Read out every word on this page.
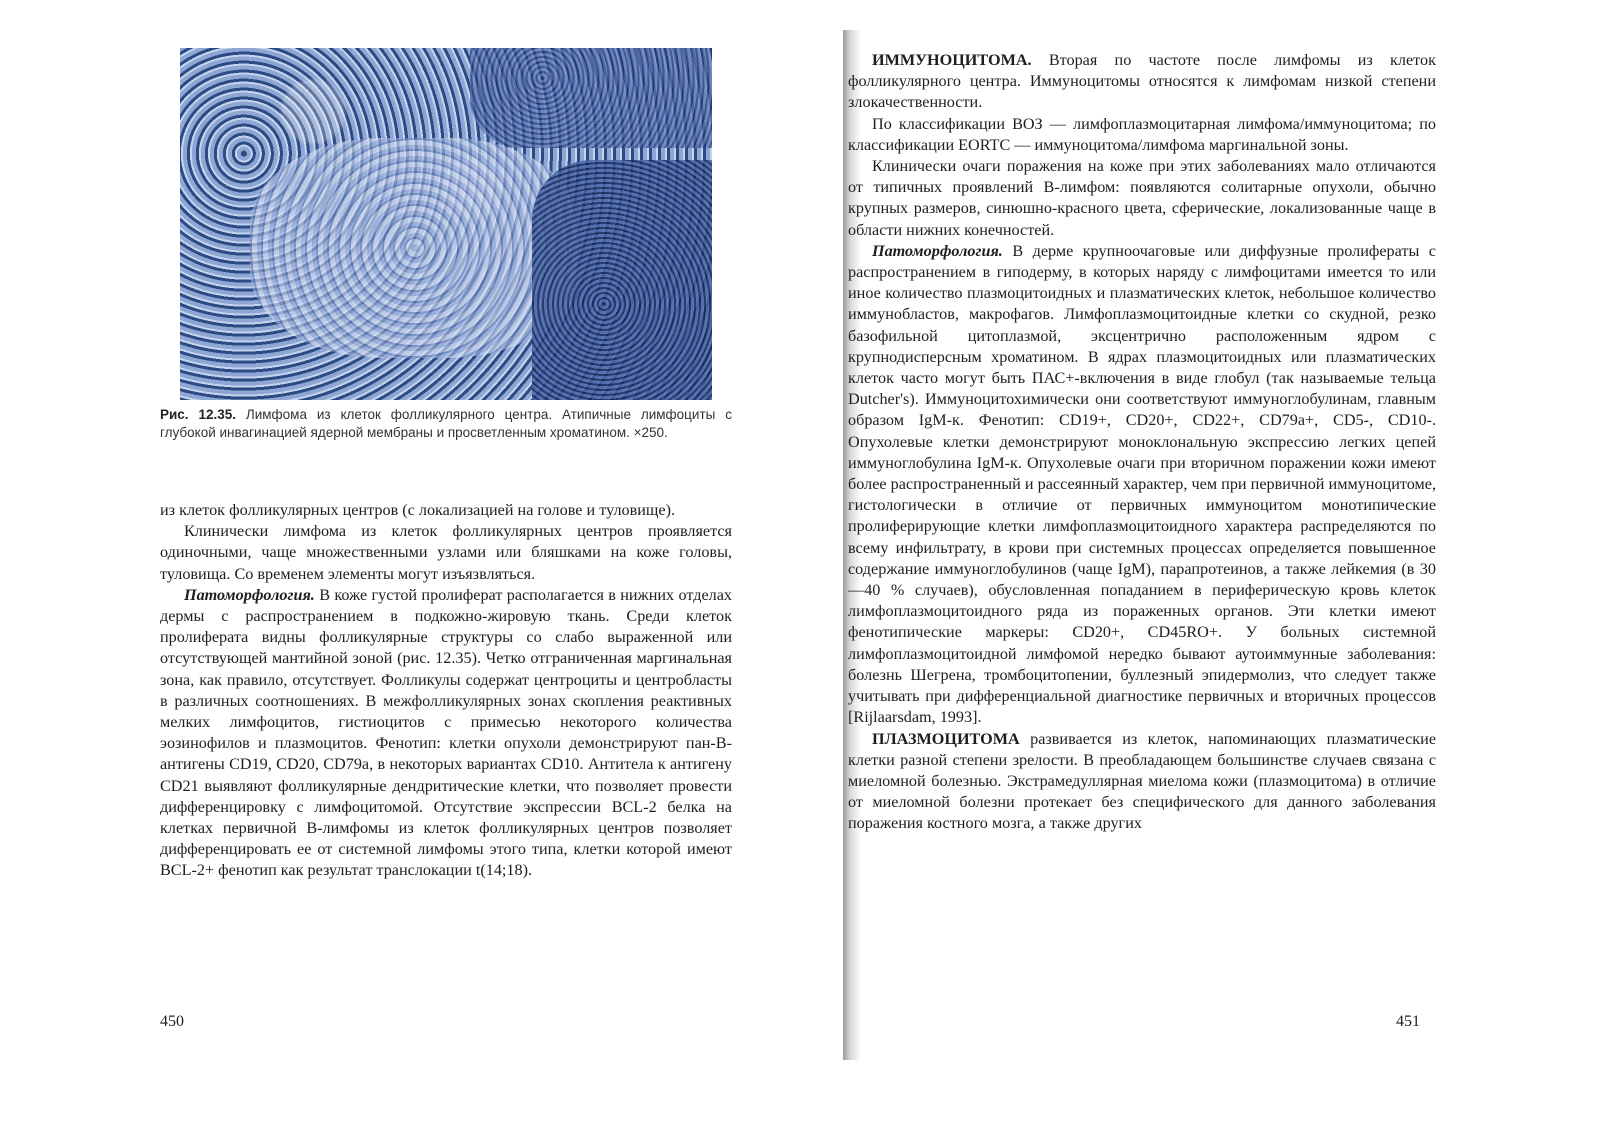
Рис. 12.35. Лимфома из клеток фолликулярного центра. Атипичные лимфоциты с глубокой инвагинацией ядерной мембраны и просветленным хроматином. ×250.

из клеток фолликулярных центров (с локализацией на голове и туловище).

Клинически лимфома из клеток фолликулярных центров проявляется одиночными, чаще множественными узлами или бляшками на коже головы, туловища. Со временем элементы могут изъязвляться.

Патоморфология. В коже густой пролиферат располагается в нижних отделах дермы с распространением в подкожно-жировую ткань. Среди клеток пролиферата видны фолликулярные структуры со слабо выраженной или отсутствующей мантийной зоной (рис. 12.35). Четко отграниченная маргинальная зона, как правило, отсутствует. Фолликулы содержат центроциты и центробласты в различных соотношениях. В межфолликулярных зонах скопления реактивных мелких лимфоцитов, гистиоцитов с примесью некоторого количества эозинофилов и плазмоцитов. Фенотип: клетки опухоли демонстрируют пан-В-антигены CD19, CD20, CD79a, в некоторых вариантах CD10. Антитела к антигену CD21 выявляют фолликулярные дендритические клетки, что позволяет провести дифференцировку с лимфоцитомой. Отсутствие экспрессии BCL-2 белка на клетках первичной В-лимфомы из клеток фолликулярных центров позволяет дифференцировать ее от системной лимфомы этого типа, клетки которой имеют BCL-2+ фенотип как результат транслокации t(14;18).

450

ИММУНОЦИТОМА. Вторая по частоте после лимфомы из клеток фолликулярного центра. Иммуноцитомы относятся к лимфомам низкой степени злокачественности.

По классификации ВОЗ — лимфоплазмоцитарная лимфома/иммуноцитома; по классификации EORTC — иммуноцитома/лимфома маргинальной зоны.

Клинически очаги поражения на коже при этих заболеваниях мало отличаются от типичных проявлений В-лимфом: появляются солитарные опухоли, обычно крупных размеров, синюшно-красного цвета, сферические, локализованные чаще в области нижних конечностей.

Патоморфология. В дерме крупноочаговые или диффузные пролифераты с распространением в гиподерму, в которых наряду с лимфоцитами имеется то или иное количество плазмоцитоидных и плазматических клеток, небольшое количество иммунобластов, макрофагов. Лимфоплазмоцитоидные клетки со скудной, резко базофильной цитоплазмой, эксцентрично расположенным ядром с крупнодисперсным хроматином. В ядрах плазмоцитоидных или плазматических клеток часто могут быть ПАС+-включения в виде глобул (так называемые тельца Dutcher's). Иммуноцитохимически они соответствуют иммуноглобулинам, главным образом IgM-к. Фенотип: CD19+, CD20+, CD22+, CD79a+, CD5-, CD10-. Опухолевые клетки демонстрируют моноклональную экспрессию легких цепей иммуноглобулина IgM-к. Опухолевые очаги при вторичном поражении кожи имеют более распространенный и рассеянный характер, чем при первичной иммуноцитоме, гистологически в отличие от первичных иммуноцитом монотипические пролиферирующие клетки лимфоплазмоцитоидного характера распределяются по всему инфильтрату, в крови при системных процессах определяется повышенное содержание иммуноглобулинов (чаще IgM), парапротеинов, а также лейкемия (в 30—40 % случаев), обусловленная попаданием в периферическую кровь клеток лимфоплазмоцитоидного ряда из пораженных органов. Эти клетки имеют фенотипические маркеры: CD20+, CD45RO+. У больных системной лимфоплазмоцитоидной лимфомой нередко бывают аутоиммунные заболевания: болезнь Шегрена, тромбоцитопении, буллезный эпидермолиз, что следует также учитывать при дифференциальной диагностике первичных и вторичных процессов [Rijlaarsdam, 1993].

ПЛАЗМОЦИТОМА развивается из клеток, напоминающих плазматические клетки разной степени зрелости. В преобладающем большинстве случаев связана с миеломной болезнью. Экстрамедуллярная миелома кожи (плазмоцитома) в отличие от миеломной болезни протекает без специфического для данного заболевания поражения костного мозга, а также других

451
